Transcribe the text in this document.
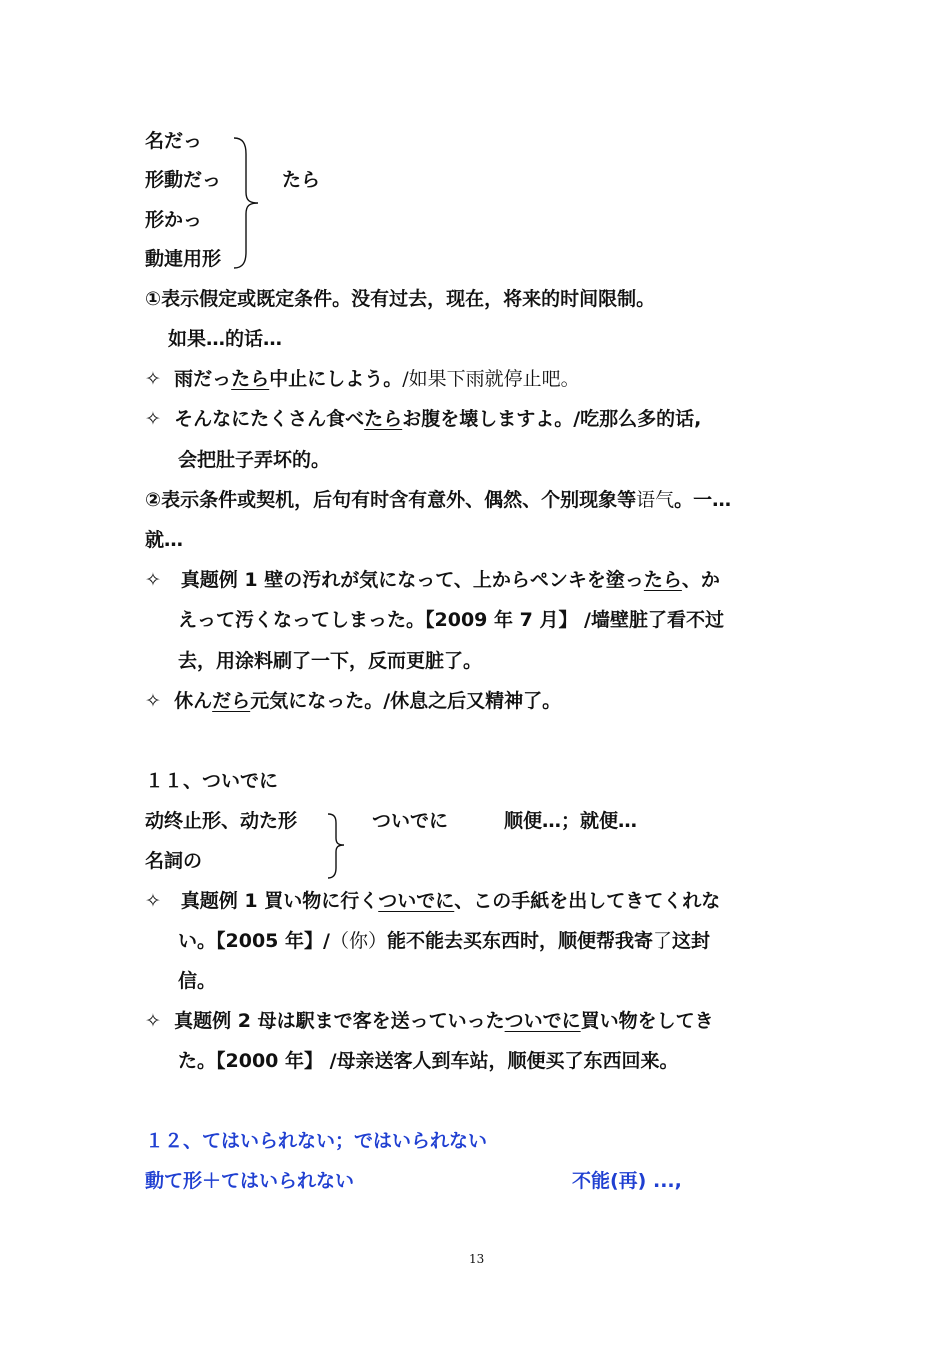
名だっ
形動だっ
形かっ
動連用形
たら
①表示假定或既定条件。没有过去，现在，将来的时间限制。
如果…的话…
✧ 雨だったら中止にしよう。/如果下雨就停止吧。
✧ そんなにたくさん食べたらお腹を壊しますよ。/吃那么多的话,
会把肚子弄坏的。
②表示条件或契机，后句有时含有意外、偶然、个别现象等语气。一…
就…
✧ 真题例 1 壁の汚れが気になって、上からペンキを塗ったら、か
えって汚くなってしまった。【2009 年 7 月】 /墙壁脏了看不过
去，用涂料刷了一下，反而更脏了。
✧ 休んだら元気になった。/休息之后又精神了。
１１、ついでに
动终止形、动た形	ついでに	顺便…；就便…
名詞の
✧ 真题例 1 買い物に行くついでに、この手紙を出してきてくれな
い。【2005 年】/（你）能不能去买东西时，顺便帮我寄了这封
信。
✧ 真题例 2 母は駅まで客を送っていったついでに買い物をしてき
た。【2000 年】 /母亲送客人到车站，顺便买了东西回来。
１２、てはいられない；ではいられない
動て形＋てはいられない	不能(再) ...,
13
